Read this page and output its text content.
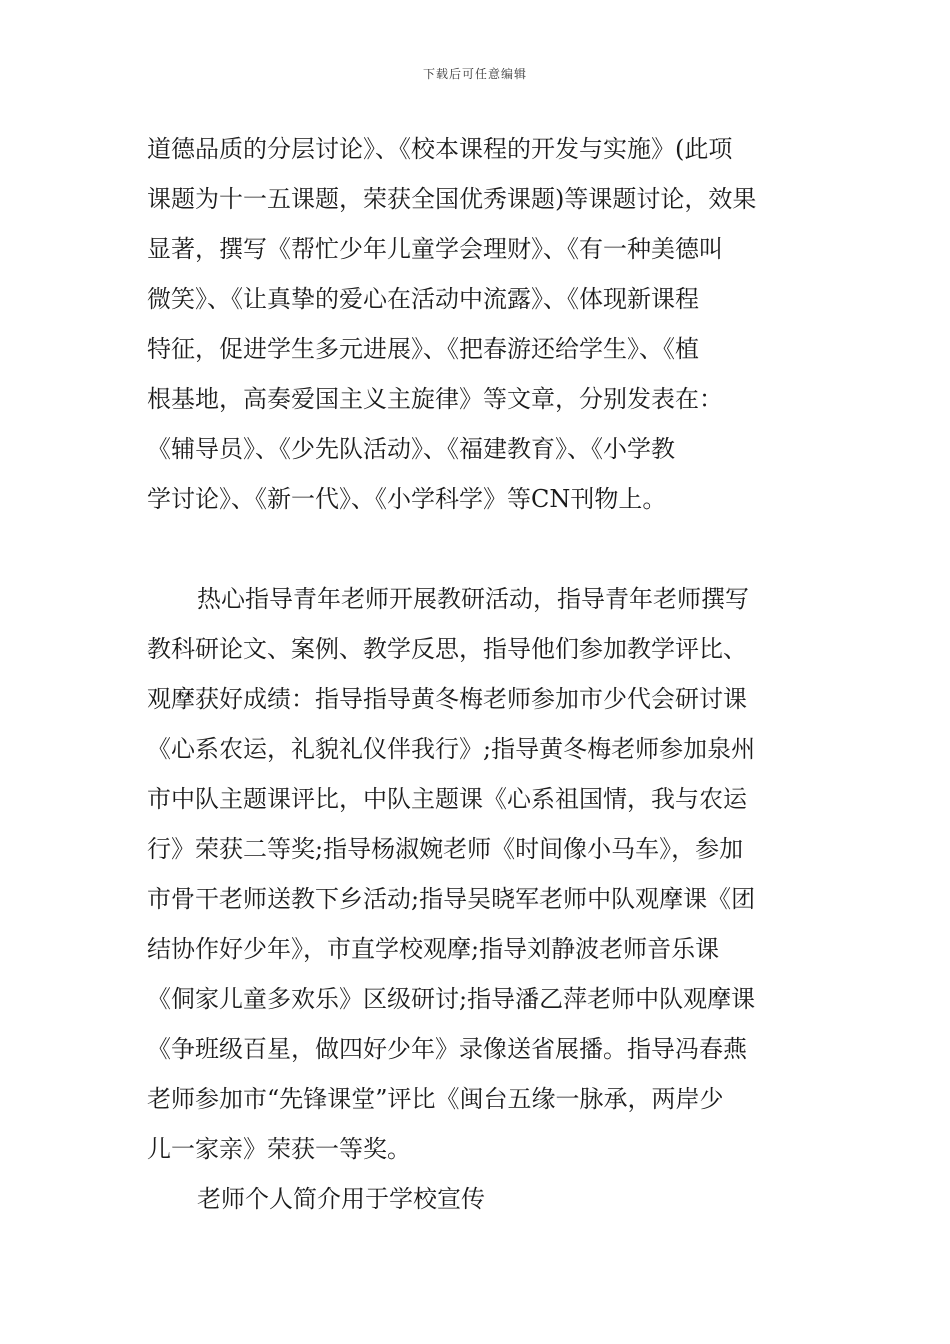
下载后可任意编辑
道德品质的分层讨论》、《校本课程的开发与实施》(此项
课题为十一五课题，荣获全国优秀课题)等课题讨论，效果
显著，撰写《帮忙少年儿童学会理财》、《有一种美德叫
微笑》、《让真挚的爱心在活动中流露》、《体现新课程
特征，促进学生多元进展》、《把春游还给学生》、《植
根基地，高奏爱国主义主旋律》等文章，分别发表在：
《辅导员》、《少先队活动》、《福建教育》、《小学教
学讨论》、《新一代》、《小学科学》等CN刊物上。
热心指导青年老师开展教研活动，指导青年老师撰写
教科研论文、案例、教学反思，指导他们参加教学评比、
观摩获好成绩：指导指导黄冬梅老师参加市少代会研讨课
《心系农运，礼貌礼仪伴我行》;指导黄冬梅老师参加泉州
市中队主题课评比，中队主题课《心系祖国情，我与农运
行》荣获二等奖;指导杨淑婉老师《时间像小马车》，参加
市骨干老师送教下乡活动;指导吴晓军老师中队观摩课《团
结协作好少年》，市直学校观摩;指导刘静波老师音乐课
《侗家儿童多欢乐》区级研讨;指导潘乙萍老师中队观摩课
《争班级百星，做四好少年》录像送省展播。指导冯春燕
老师参加市“先锋课堂”评比《闽台五缘一脉承，两岸少
儿一家亲》荣获一等奖。
老师个人简介用于学校宣传
